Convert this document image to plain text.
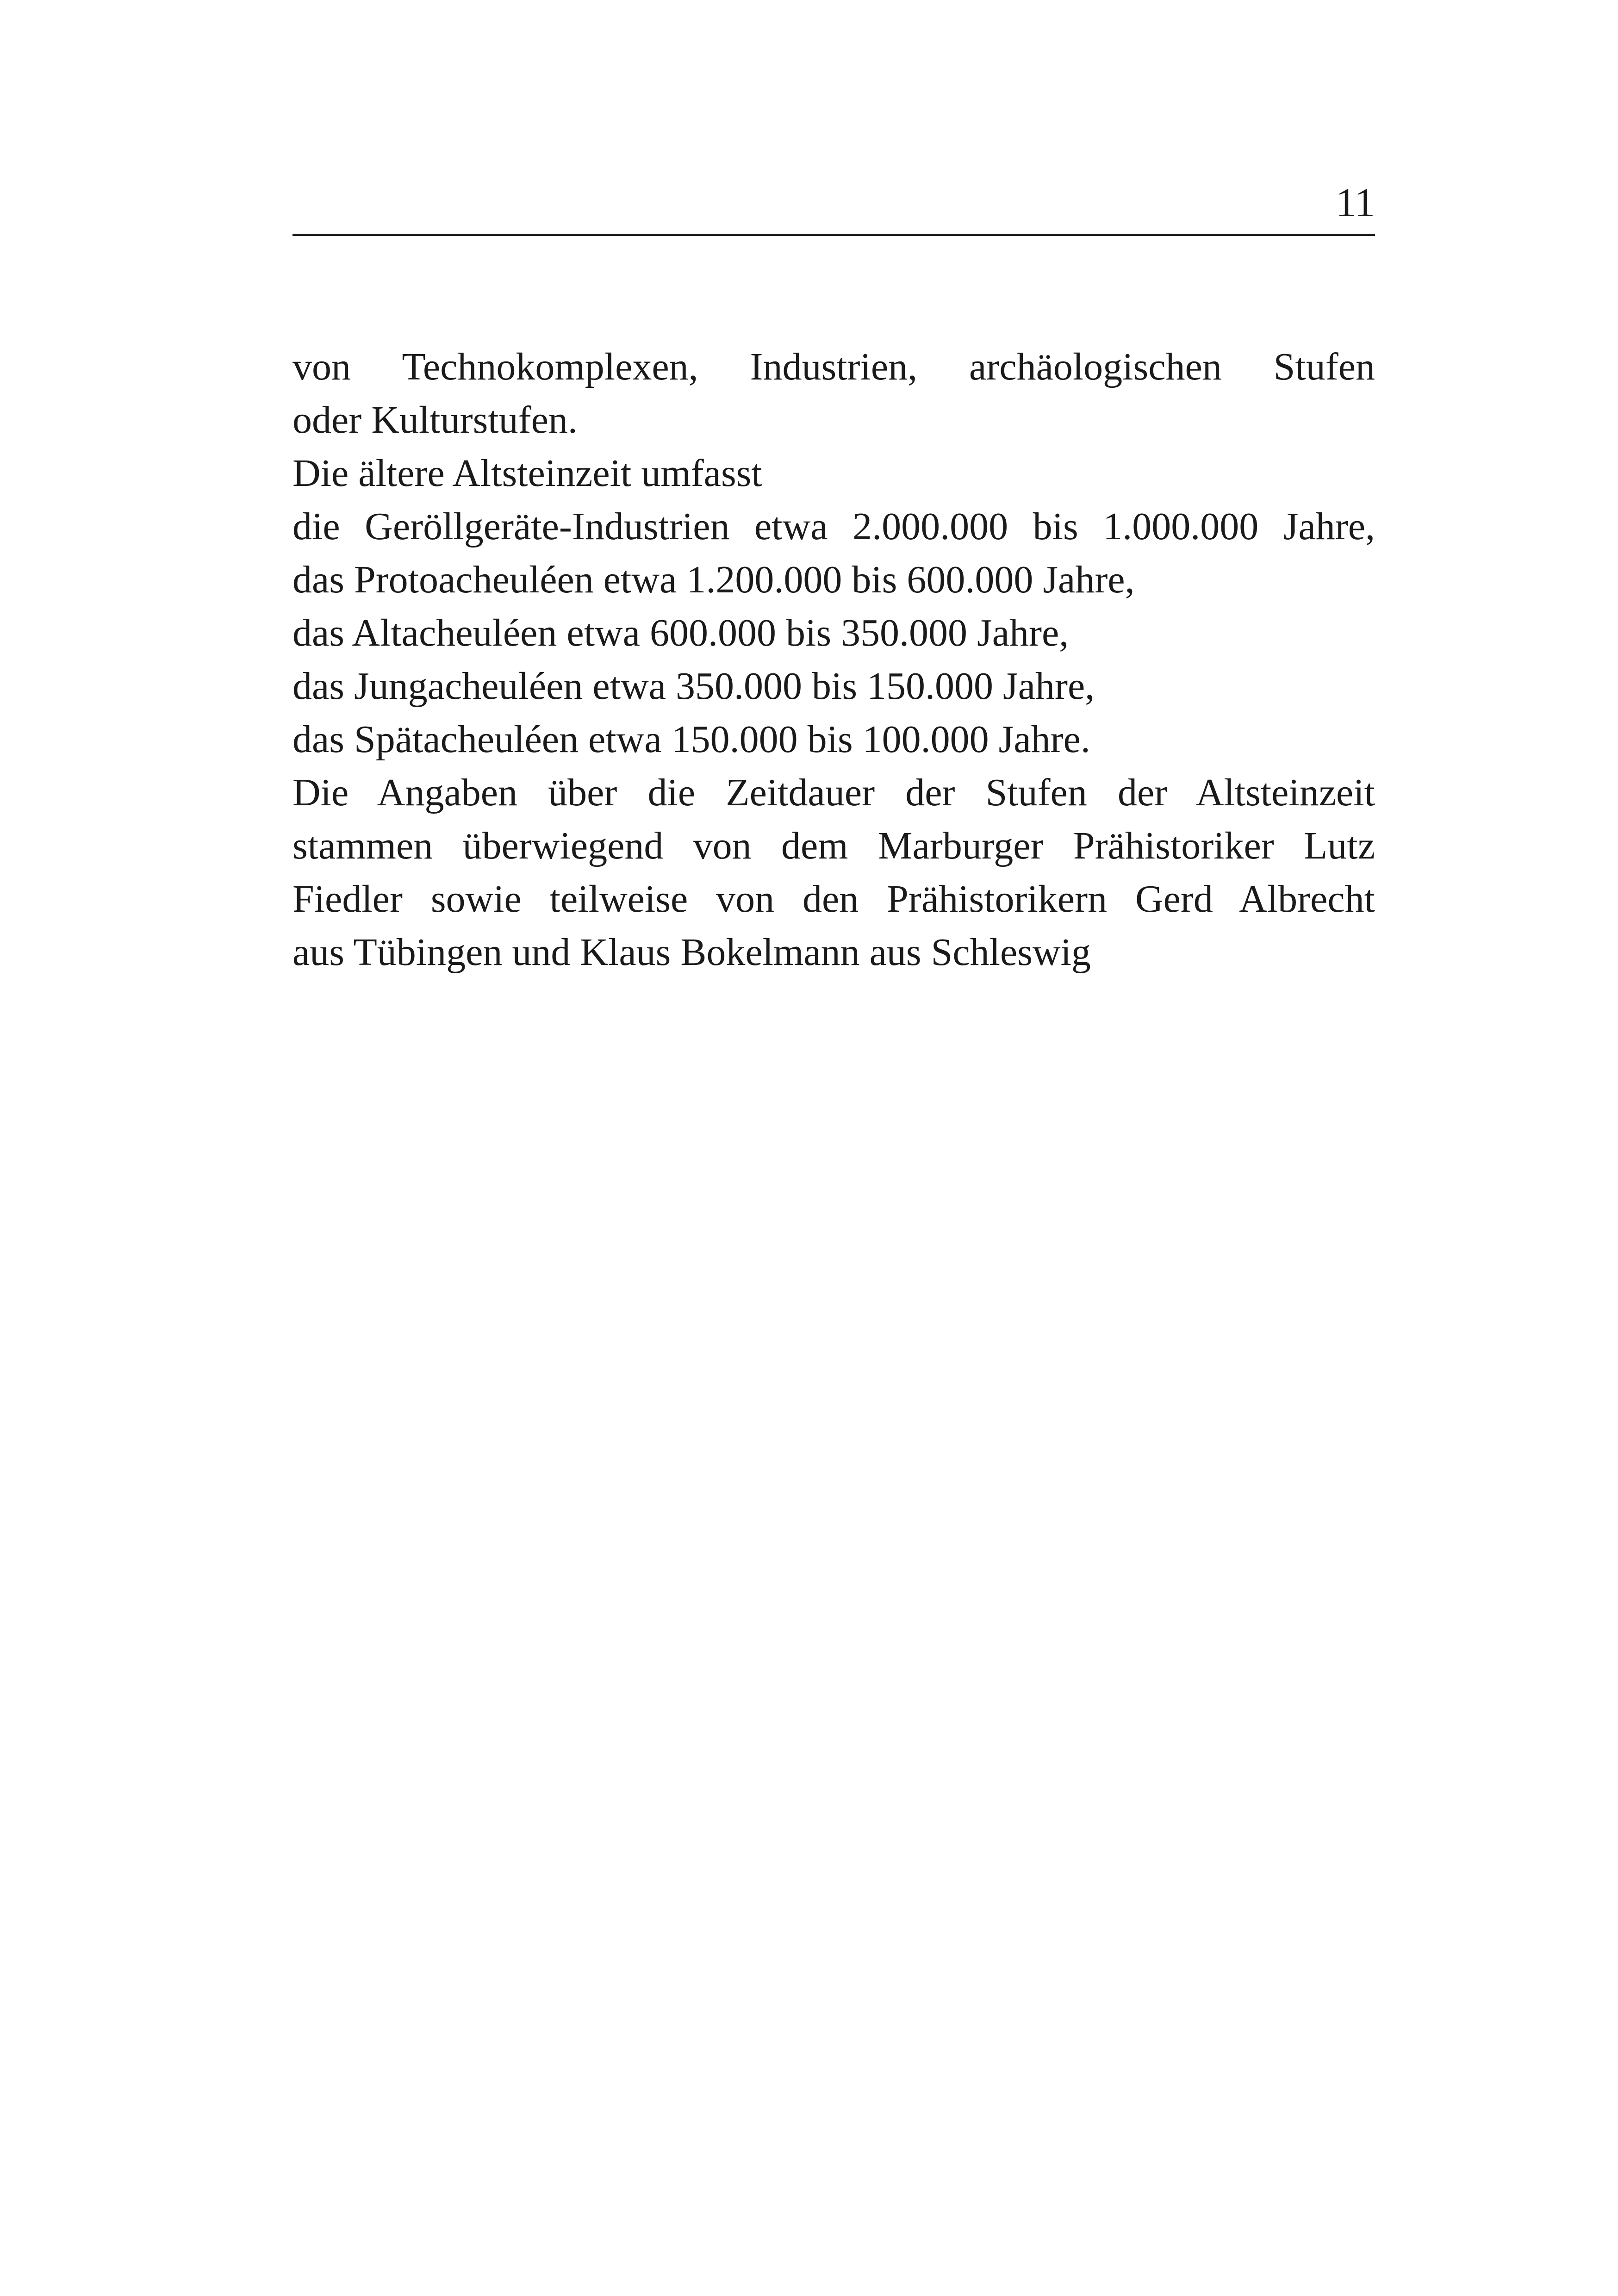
11
von Technokomplexen, Industrien, archäologischen Stufen
oder Kulturstufen.
Die ältere Altsteinzeit umfasst
die Geröllgeräte-Industrien etwa 2.000.000 bis 1.000.000 Jahre,
das Protoacheuléen etwa 1.200.000 bis 600.000 Jahre,
das Altacheuléen etwa 600.000 bis 350.000 Jahre,
das Jungacheuléen etwa 350.000 bis 150.000 Jahre,
das Spätacheuléen etwa 150.000 bis 100.000 Jahre.
Die Angaben über die Zeitdauer der Stufen der Altsteinzeit
stammen überwiegend von dem Marburger Prähistoriker Lutz
Fiedler sowie teilweise von den Prähistorikern Gerd Albrecht
aus Tübingen und Klaus Bokelmann aus Schleswig
